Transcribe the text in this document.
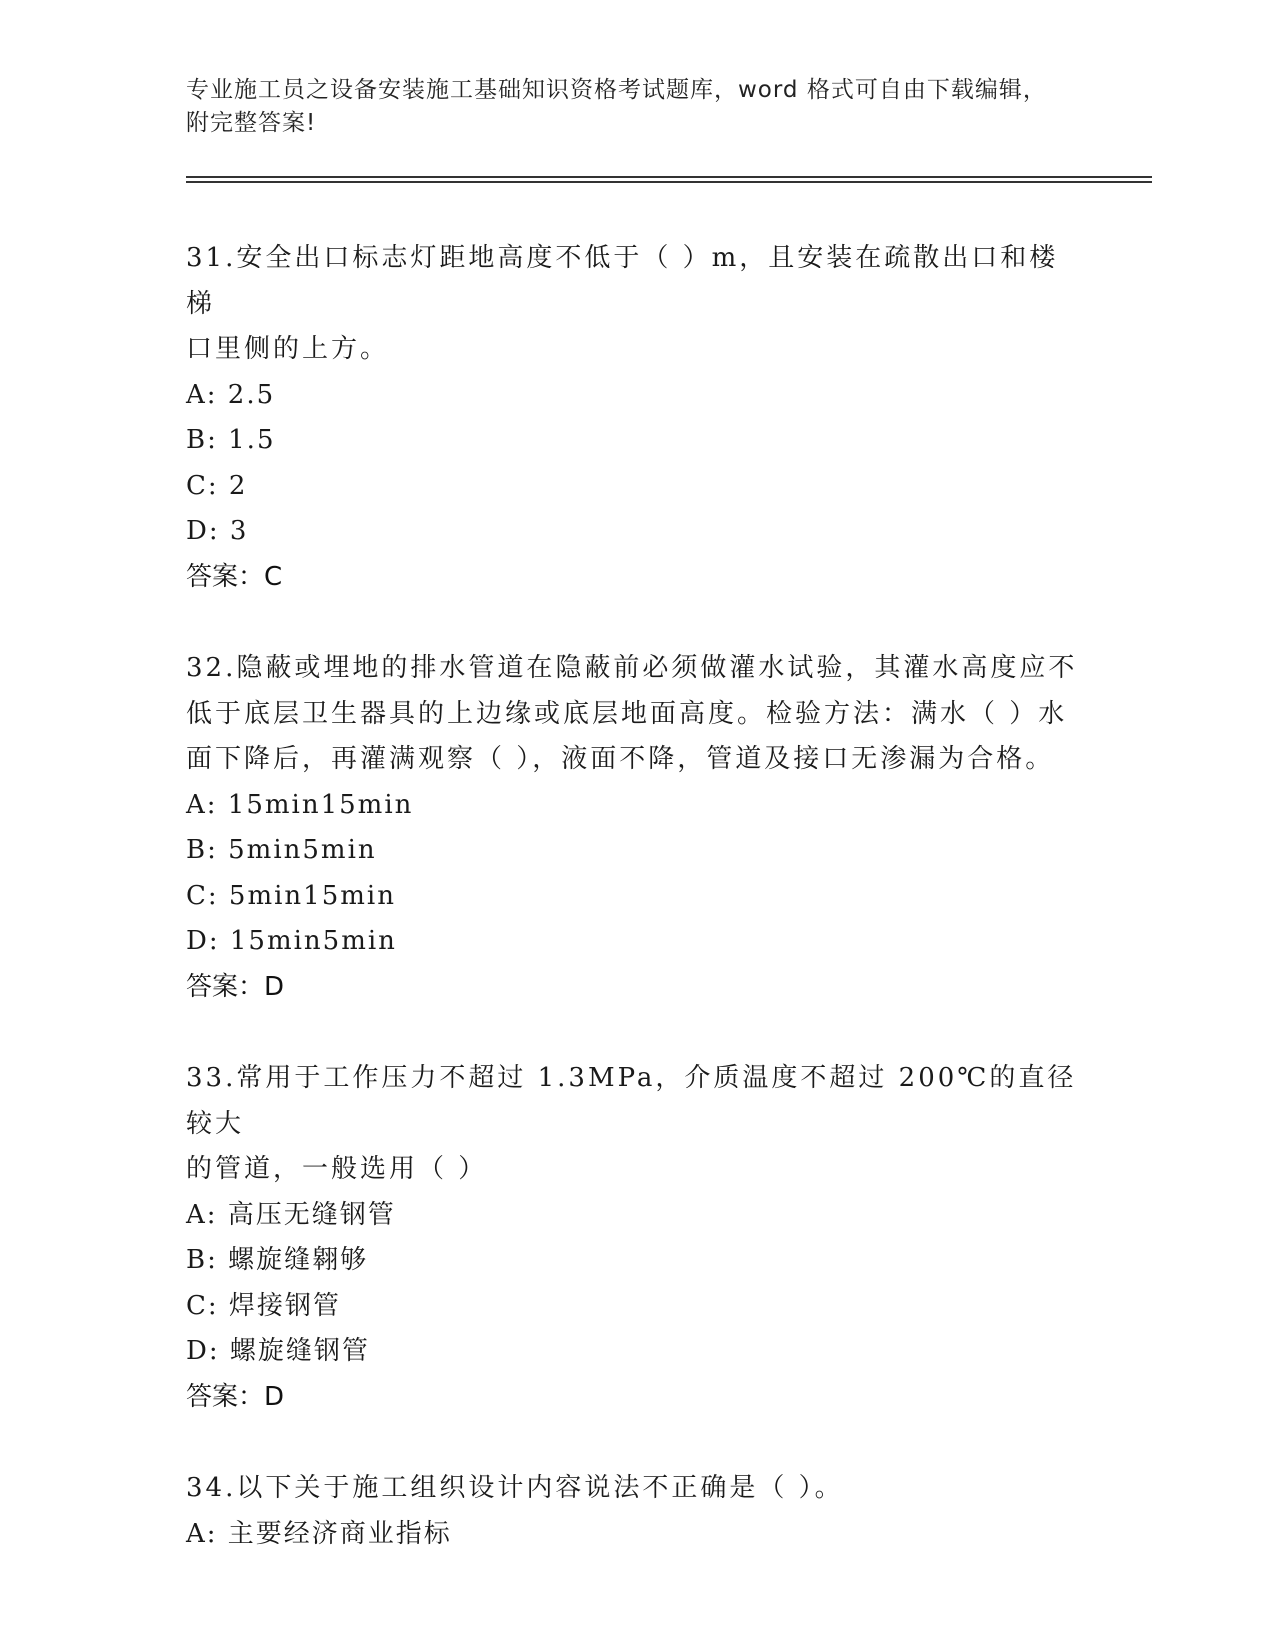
专业施工员之设备安装施工基础知识资格考试题库，word 格式可自由下载编辑，
附完整答案!
31.安全出口标志灯距地高度不低于（ ）m，且安装在疏散出口和楼梯
口里侧的上方。
A: 2.5
B: 1.5
C: 2
D: 3
答案：C
32.隐蔽或埋地的排水管道在隐蔽前必须做灌水试验，其灌水高度应不
低于底层卫生器具的上边缘或底层地面高度。检验方法：满水（ ）水
面下降后，再灌满观察（ ），液面不降，管道及接口无渗漏为合格。
A: 15min15min
B: 5min5min
C: 5min15min
D: 15min5min
答案：D
33.常用于工作压力不超过 1.3MPa，介质温度不超过 200℃的直径较大
的管道，一般选用（ ）
A: 高压无缝钢管
B: 螺旋缝翱够
C: 焊接钢管
D: 螺旋缝钢管
答案：D
34.以下关于施工组织设计内容说法不正确是（ ）。
A: 主要经济商业指标
